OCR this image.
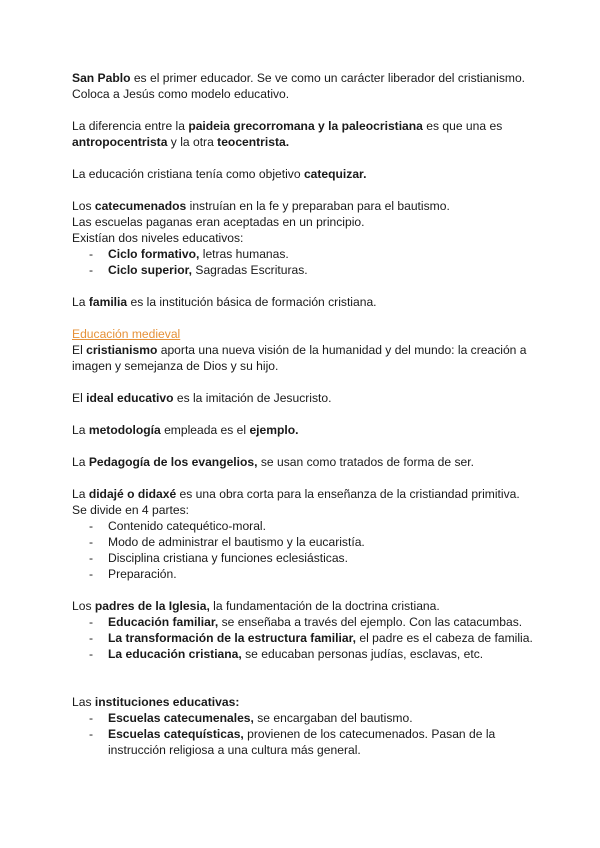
San Pablo es el primer educador. Se ve como un carácter liberador del cristianismo. Coloca a Jesús como modelo educativo.

La diferencia entre la paideia grecorromana y la paleocristiana es que una es antropocentrista y la otra teocentrista.

La educación cristiana tenía como objetivo catequizar.

Los catecumenados instruían en la fe y preparaban para el bautismo.

Las escuelas paganas eran aceptadas en un principio.

Existían dos niveles educativos:

- Ciclo formativo, letras humanas.
- Ciclo superior, Sagradas Escrituras.

La familia es la institución básica de formación cristiana.

Educación medieval

El cristianismo aporta una nueva visión de la humanidad y del mundo: la creación a imagen y semejanza de Dios y su hijo.

El ideal educativo es la imitación de Jesucristo.

La metodología empleada es el ejemplo.

La Pedagogía de los evangelios, se usan como tratados de forma de ser.

La didajé o didaxé es una obra corta para la enseñanza de la cristiandad primitiva.

Se divide en 4 partes:

- Contenido catequético-moral.
- Modo de administrar el bautismo y la eucaristía.
- Disciplina cristiana y funciones eclesiásticas.
- Preparación.

Los padres de la Iglesia, la fundamentación de la doctrina cristiana.

- Educación familiar, se enseñaba a través del ejemplo. Con las catacumbas.
- La transformación de la estructura familiar, el padre es el cabeza de familia.
- La educación cristiana, se educaban personas judías, esclavas, etc.

Las instituciones educativas:

- Escuelas catecumenales, se encargaban del bautismo.
- Escuelas catequísticas, provienen de los catecumenados. Pasan de la instrucción religiosa a una cultura más general.
